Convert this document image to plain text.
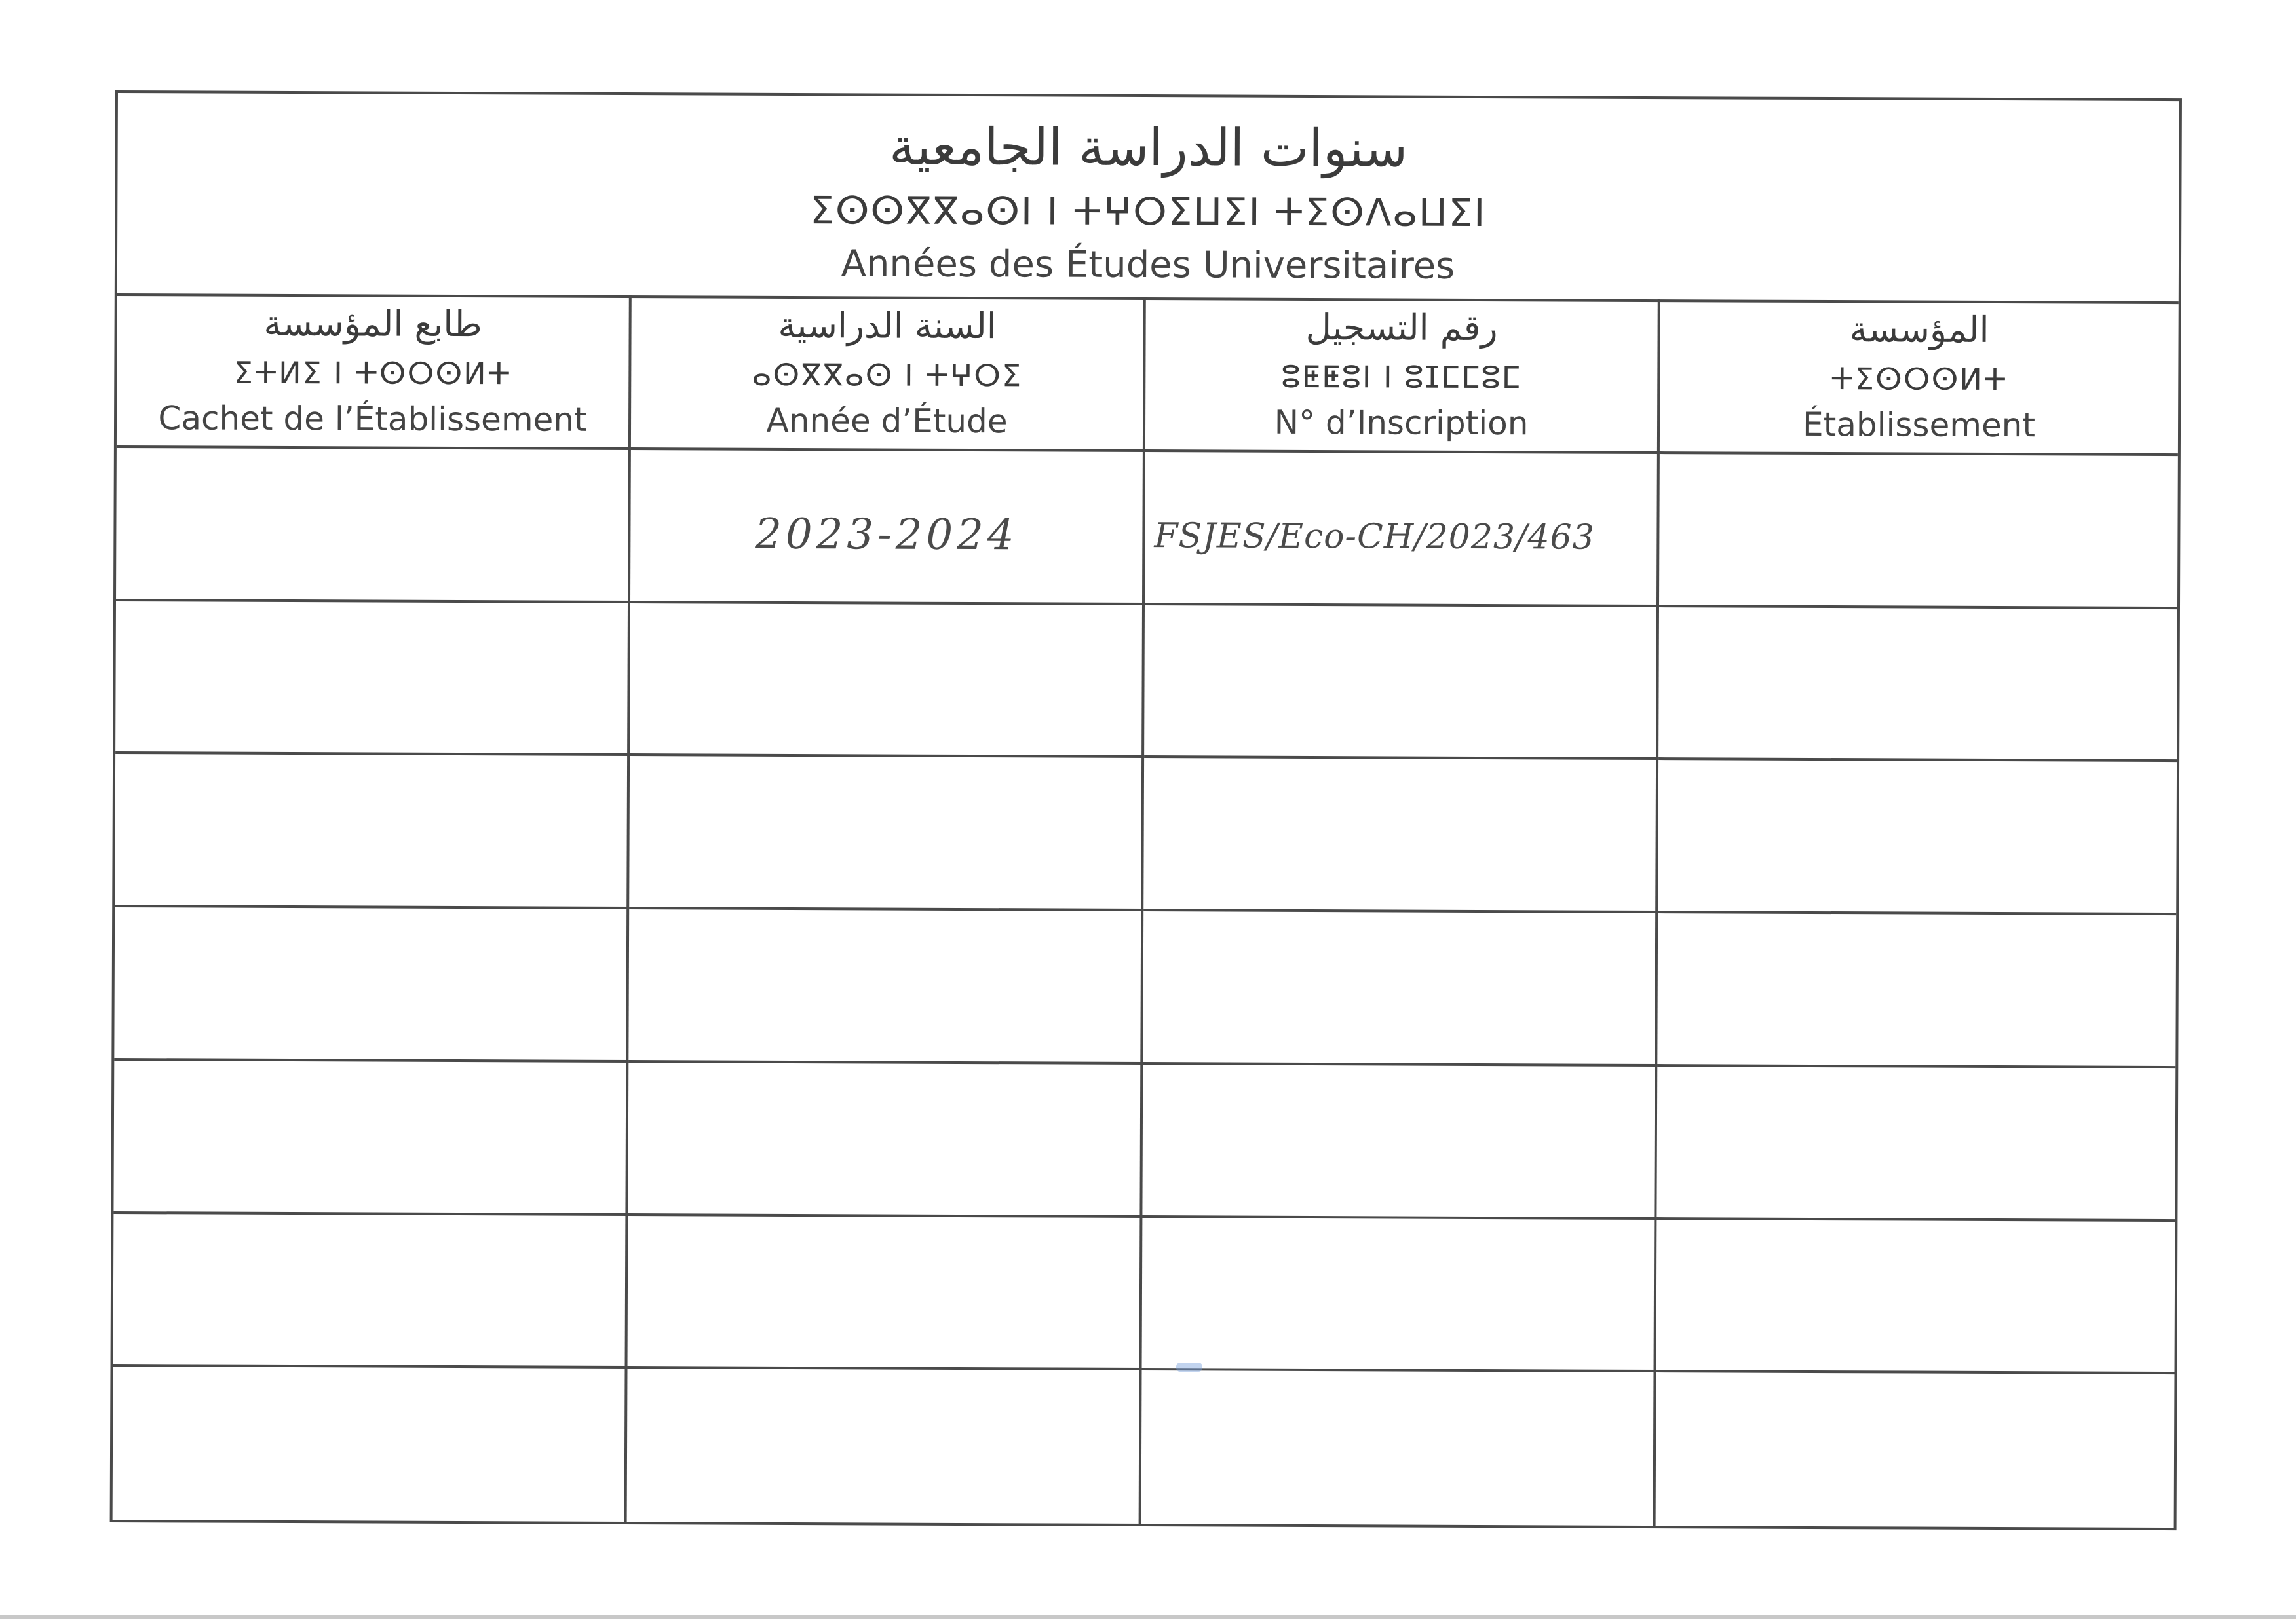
سنوات الدراسة الجامعية
ⵉⵙⵙⴳⴳⴰⵙⵏ ⵏ ⵜⵖⵔⵉⵡⵉⵏ ⵜⵉⵙⴷⴰⵡⵉⵏ
Années des Études Universitaires
طابع المؤسسة
ⵉⵜⵍⵉ ⵏ ⵜⵙⵔⵙⵍⵜ
Cachet de l’Établissement
السنة الدراسية
ⴰⵙⴳⴳⴰⵙ ⵏ ⵜⵖⵔⵉ
Année d’Étude
رقم التسجيل
ⵓⵟⵟⵓⵏ ⵏ ⵓⵊⵎⵎⵓⵎ
N° d’Inscription
المؤسسة
ⵜⵉⵙⵔⵙⵍⵜ
Établissement
2023-2024	FSJES/Eco-CH/2023/463
